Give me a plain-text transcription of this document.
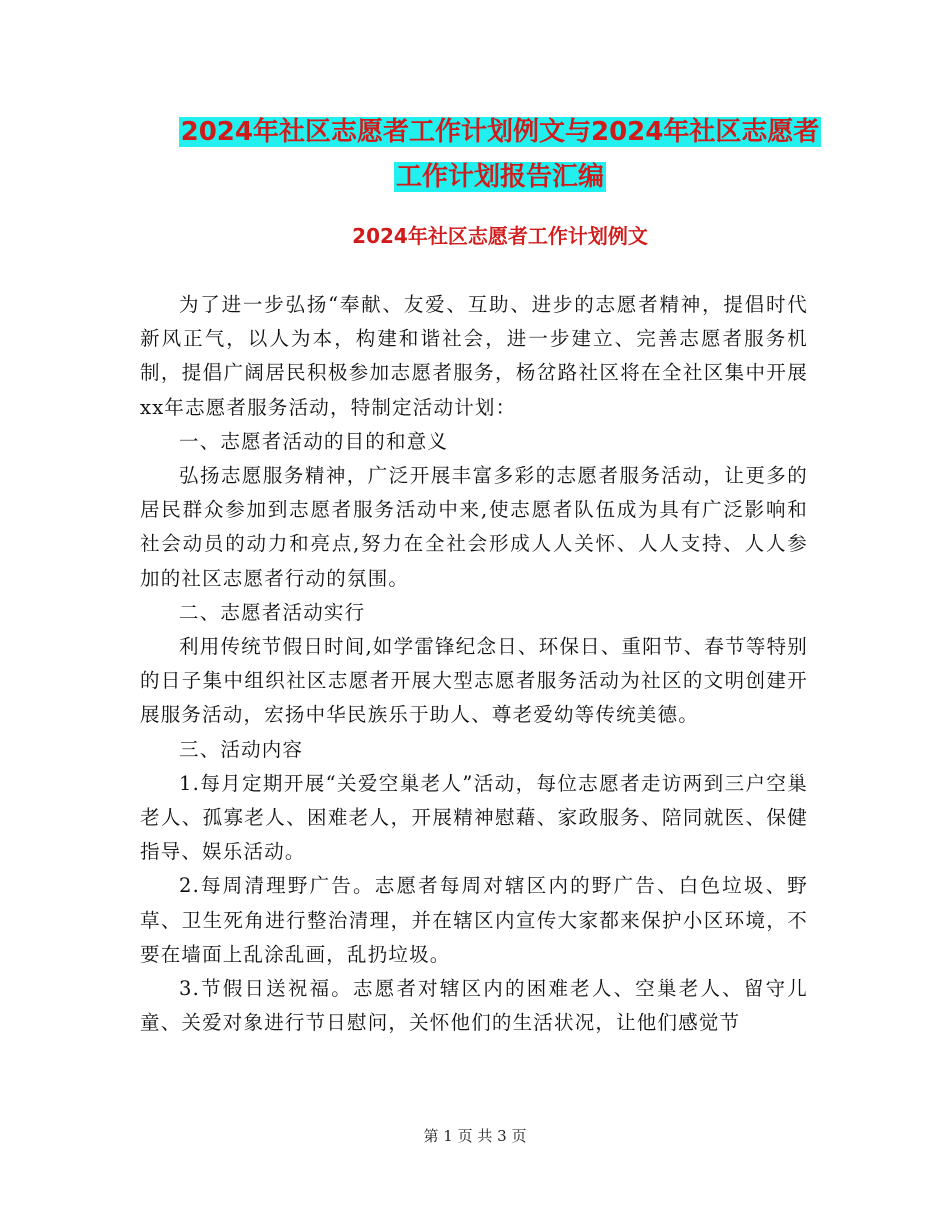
2024年社区志愿者工作计划例文与2024年社区志愿者
工作计划报告汇编
2024年社区志愿者工作计划例文

为了进一步弘扬“奉献、友爱、互助、进步的志愿者精神，提倡时代新风正气，以人为本，构建和谐社会，进一步建立、完善志愿者服务机制，提倡广阔居民积极参加志愿者服务，杨岔路社区将在全社区集中开展xx年志愿者服务活动，特制定活动计划：

一、志愿者活动的目的和意义

弘扬志愿服务精神，广泛开展丰富多彩的志愿者服务活动，让更多的居民群众参加到志愿者服务活动中来,使志愿者队伍成为具有广泛影响和社会动员的动力和亮点,努力在全社会形成人人关怀、人人支持、人人参加的社区志愿者行动的氛围。

二、志愿者活动实行

利用传统节假日时间,如学雷锋纪念日、环保日、重阳节、春节等特别的日子集中组织社区志愿者开展大型志愿者服务活动为社区的文明创建开展服务活动，宏扬中华民族乐于助人、尊老爱幼等传统美德。

三、活动内容

1.每月定期开展“关爱空巢老人”活动，每位志愿者走访两到三户空巢老人、孤寡老人、困难老人，开展精神慰藉、家政服务、陪同就医、保健指导、娱乐活动。

2.每周清理野广告。志愿者每周对辖区内的野广告、白色垃圾、野草、卫生死角进行整治清理，并在辖区内宣传大家都来保护小区环境，不要在墙面上乱涂乱画，乱扔垃圾。

3.节假日送祝福。志愿者对辖区内的困难老人、空巢老人、留守儿童、关爱对象进行节日慰问，关怀他们的生活状况，让他们感觉节

第 1 页 共 3 页
